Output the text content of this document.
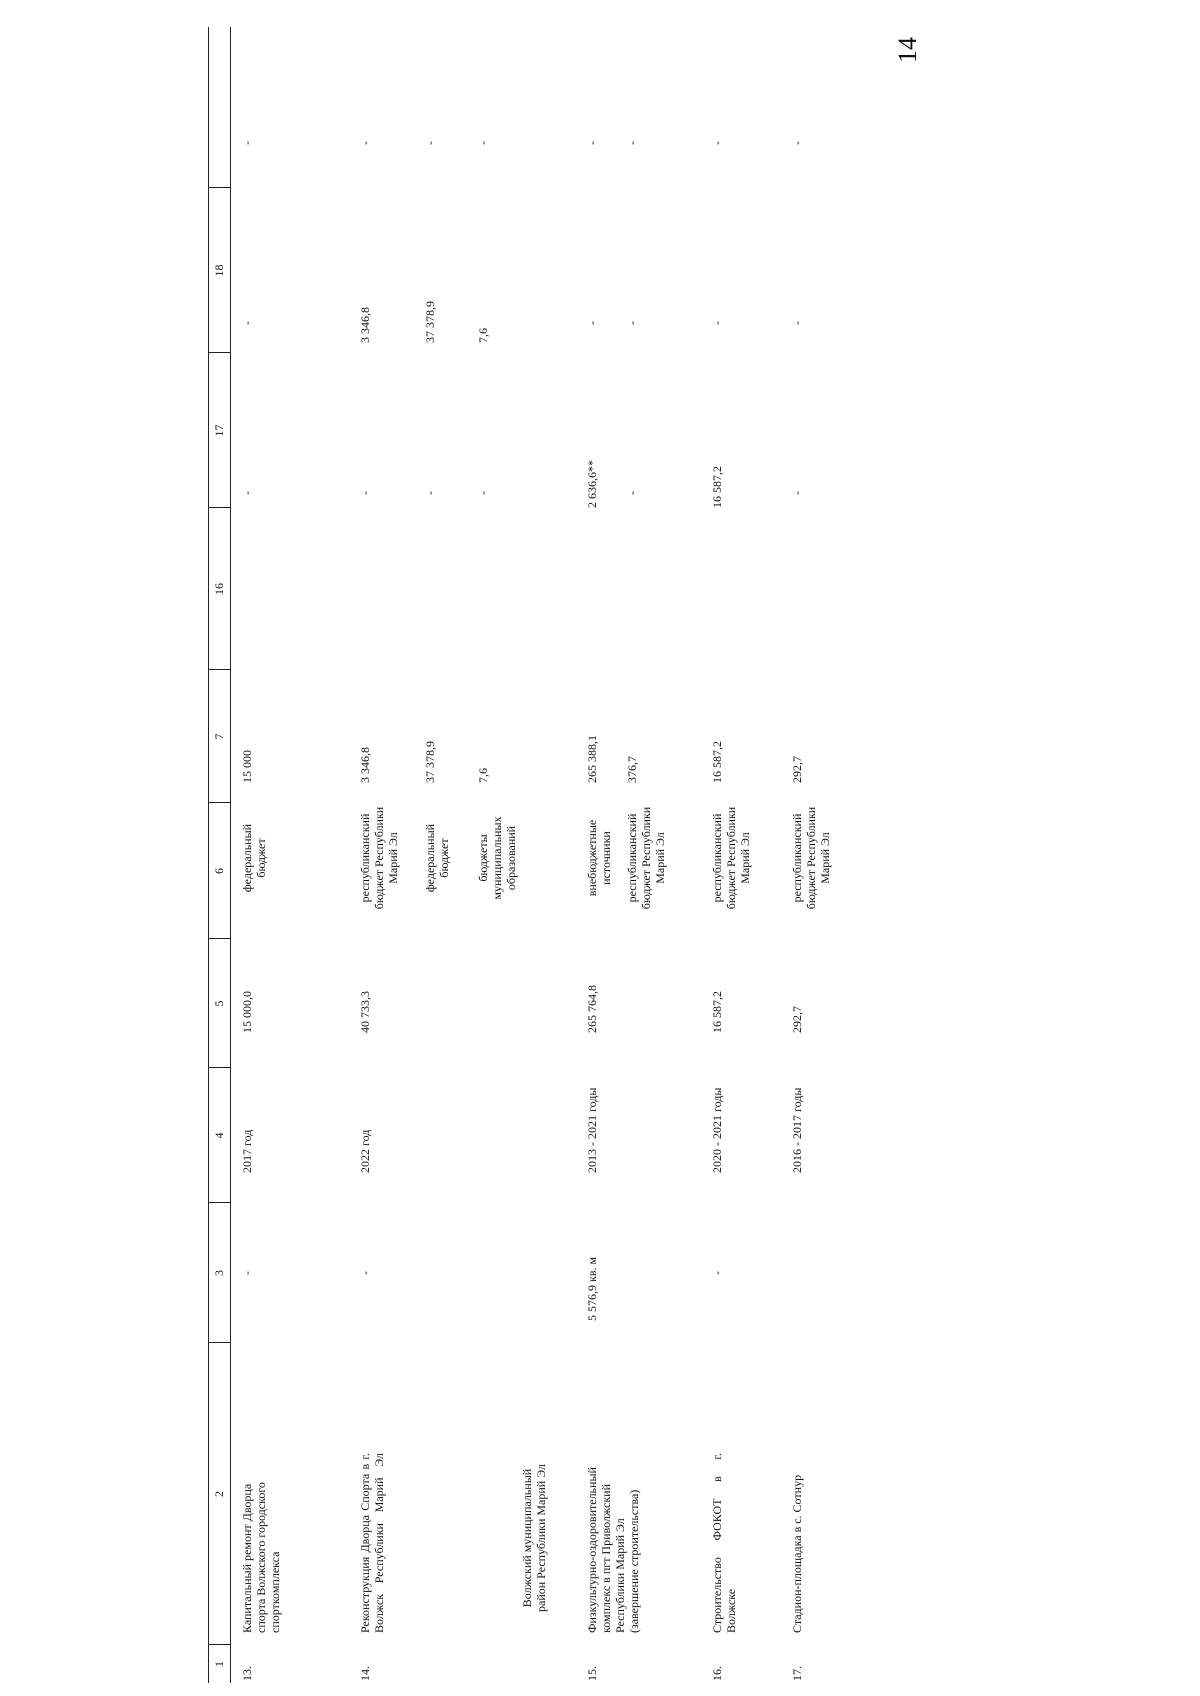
14
1
2
3
4
5
6
7
16
17
18
13.
Капитальный ремонт Дворца спорта Волжского городского спорткомплекса
-
2017 год
15 000,0
федеральный бюджет
15 000
-
-
-
14.
Реконструкция Дворца Спорта в г. Волжск Республики Марий Эл
-
2022 год
40 733,3
республиканский бюджет Республики Марий Эл
3 346,8
-
3 346,8
-
федеральный бюджет
37 378,9
-
37 378,9
-
бюджеты муниципальных образований
7,6
-
7,6
-
Волжский муниципальный район Республики Марий Эл
15.
Физкультурно-оздоровительный комплекс в пгт Приволжский Республики Марий Эл (завершение строительства)
5 576,9 кв. м
2013 - 2021 годы
265 764,8
внебюджетные источники
265 388,1
2 636,6**
-
-
республиканский бюджет Республики Марий Эл
376,7
-
-
-
16.
Строительство ФОКОТ в г. Волжске
-
2020 - 2021 годы
16 587,2
республиканский бюджет Республики Марий Эл
16 587,2
16 587,2
-
-
17.
Стадион-площадка в с. Сотнур
2016 - 2017 годы
292,7
республиканский бюджет Республики Марий Эл
292,7
-
-
-
